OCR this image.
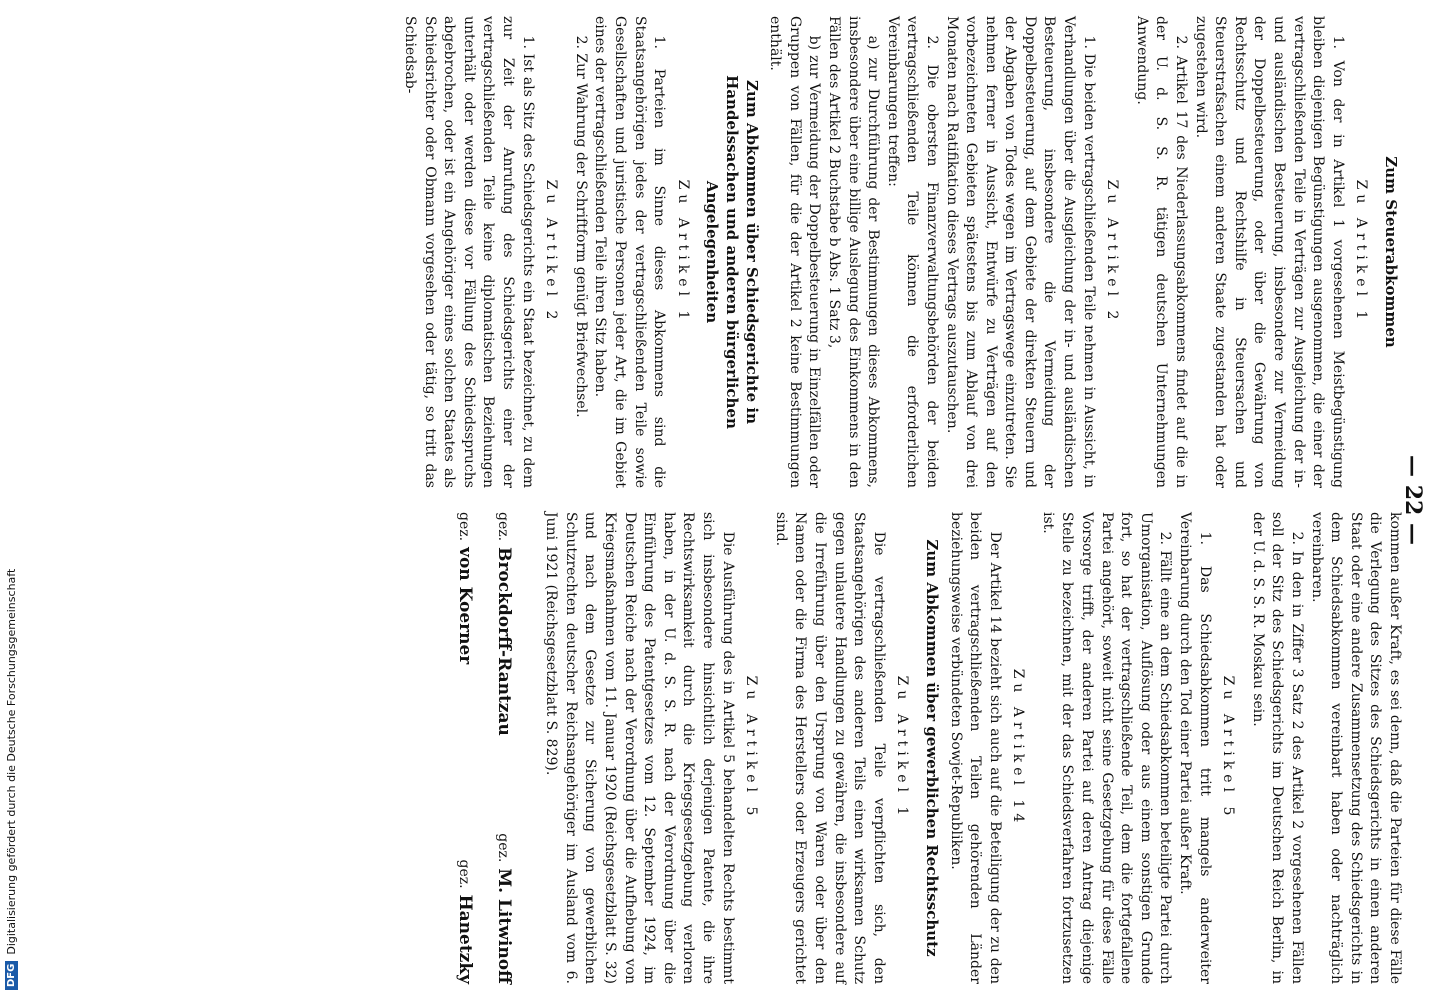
— 22 —
Zum Steuerabkommen
Zu Artikel 1

1. Von der in Artikel 1 vorgesehenen Meistbegünstigung bleiben diejenigen Begünstigungen ausgenommen, die einer der vertragschließenden Teile in Verträgen zur Ausgleichung der in- und ausländischen Besteuerung, insbesondere zur Vermeidung der Doppelbesteuerung, oder über die Gewährung von Rechtsschutz und Rechtshilfe in Steuersachen und Steuerstrafsachen einem anderen Staate zugestanden hat oder zugestehen wird.

2. Artikel 17 des Niederlassungsabkommens findet auf die in der U. d. S. S. R. tätigen deutschen Unternehmungen Anwendung.

Zu Artikel 2

1. Die beiden vertragschließenden Teile nehmen in Aussicht, in Verhandlungen über die Ausgleichung der in- und ausländischen Besteuerung, insbesondere die Vermeidung der Doppelbesteuerung, auf dem Gebiete der direkten Steuern und der Abgaben von Todes wegen im Vertragswege einzutreten. Sie nehmen ferner in Aussicht, Entwürfe zu Verträgen auf den vorbezeichneten Gebieten spätestens bis zum Ablauf von drei Monaten nach Ratifikation dieses Vertrags auszutauschen.

2. Die obersten Finanzverwaltungsbehörden der beiden vertragschließenden Teile können die erforderlichen Vereinbarungen treffen:

a) zur Durchführung der Bestimmungen dieses Abkommens, insbesondere über eine billige Auslegung des Einkommens in den Fällen des Artikel 2 Buchstabe b Abs. 1 Satz 3,

b) zur Vermeidung der Doppelbesteuerung in Einzelfällen oder Gruppen von Fällen, für die der Artikel 2 keine Bestimmungen enthält.

Zum Abkommen über Schiedsgerichte in Handelssachen und anderen bürgerlichen Angelegenheiten
Zu Artikel 1

1. Parteien im Sinne dieses Abkommens sind die Staatsangehörigen jedes der vertragschließenden Teile sowie Gesellschaften und juristische Personen jeder Art, die im Gebiet eines der vertragschließenden Teile ihren Sitz haben.

2. Zur Wahrung der Schriftform genügt Briefwechsel.

Zu Artikel 2

1. Ist als Sitz des Schiedsgerichts ein Staat bezeichnet, zu dem zur Zeit der Anrufung des Schiedsgerichts einer der vertragschließenden Teile keine diplomatischen Beziehungen unterhält oder werden diese vor Fällung des Schiedsspruchs abgebrochen, oder ist ein Angehöriger eines solchen Staates als Schiedsrichter oder Obmann vorgesehen oder tätig, so tritt das Schiedsab-

kommen außer Kraft, es sei denn, daß die Parteien für diese Fälle die Verlegung des Sitzes des Schiedsgerichts in einen anderen Staat oder eine andere Zusammensetzung des Schiedsgerichts in dem Schiedsabkommen vereinbart haben oder nachträglich vereinbaren.

2. In den in Ziffer 3 Satz 2 des Artikel 2 vorgesehenen Fällen soll der Sitz des Schiedsgerichts im Deutschen Reich Berlin, in der U. d. S. S. R. Moskau sein.

Zu Artikel 5

1. Das Schiedsabkommen tritt mangels anderweiter Vereinbarung durch den Tod einer Partei außer Kraft.

2. Fällt eine an dem Schiedsabkommen beteiligte Partei durch Umorganisation, Auflösung oder aus einem sonstigen Grunde fort, so hat der vertragschließende Teil, dem die fortgefallene Partei angehört, soweit nicht seine Gesetzgebung für diese Fälle Vorsorge trifft, der anderen Partei auf deren Antrag diejenige Stelle zu bezeichnen, mit der das Schiedsverfahren fortzusetzen ist.

Zu Artikel 14

Der Artikel 14 bezieht sich auch auf die Beteiligung der zu den beiden vertragschließenden Teilen gehörenden Länder beziehungsweise verbündeten Sowjet-Republiken.

Zum Abkommen über gewerblichen Rechtsschutz
Zu Artikel 1

Die vertragschließenden Teile verpflichten sich, den Staatsangehörigen des anderen Teils einen wirksamen Schutz gegen unlautere Handlungen zu gewähren, die insbesondere auf die Irreführung über den Ursprung von Waren oder über den Namen oder die Firma des Herstellers oder Erzeugers gerichtet sind.

Zu Artikel 5

Die Ausführung des in Artikel 5 behandelten Rechts bestimmt sich insbesondere hinsichtlich derjenigen Patente, die ihre Rechtswirksamkeit durch die Kriegsgesetzgebung verloren haben, in der U. d. S. S. R. nach der Verordnung über die Einführung des Patentgesetzes vom 12. September 1924, im Deutschen Reiche nach der Verordnung über die Aufhebung von Kriegsmaßnahmen vom 11. Januar 1920 (Reichsgesetzblatt S. 32) und nach dem Gesetze zur Sicherung von gewerblichen Schutzrechten deutscher Reichsangehöriger im Ausland vom 6. Juni 1921 (Reichsgesetzblatt S. 829).

gez.Brockdorff-Rantzau
gez.M. Litwinoff
gez.von Koerner
gez.Hanetzky
DFG
Digitalisierung gefördert durch die Deutsche Forschungsgemeinschaft
